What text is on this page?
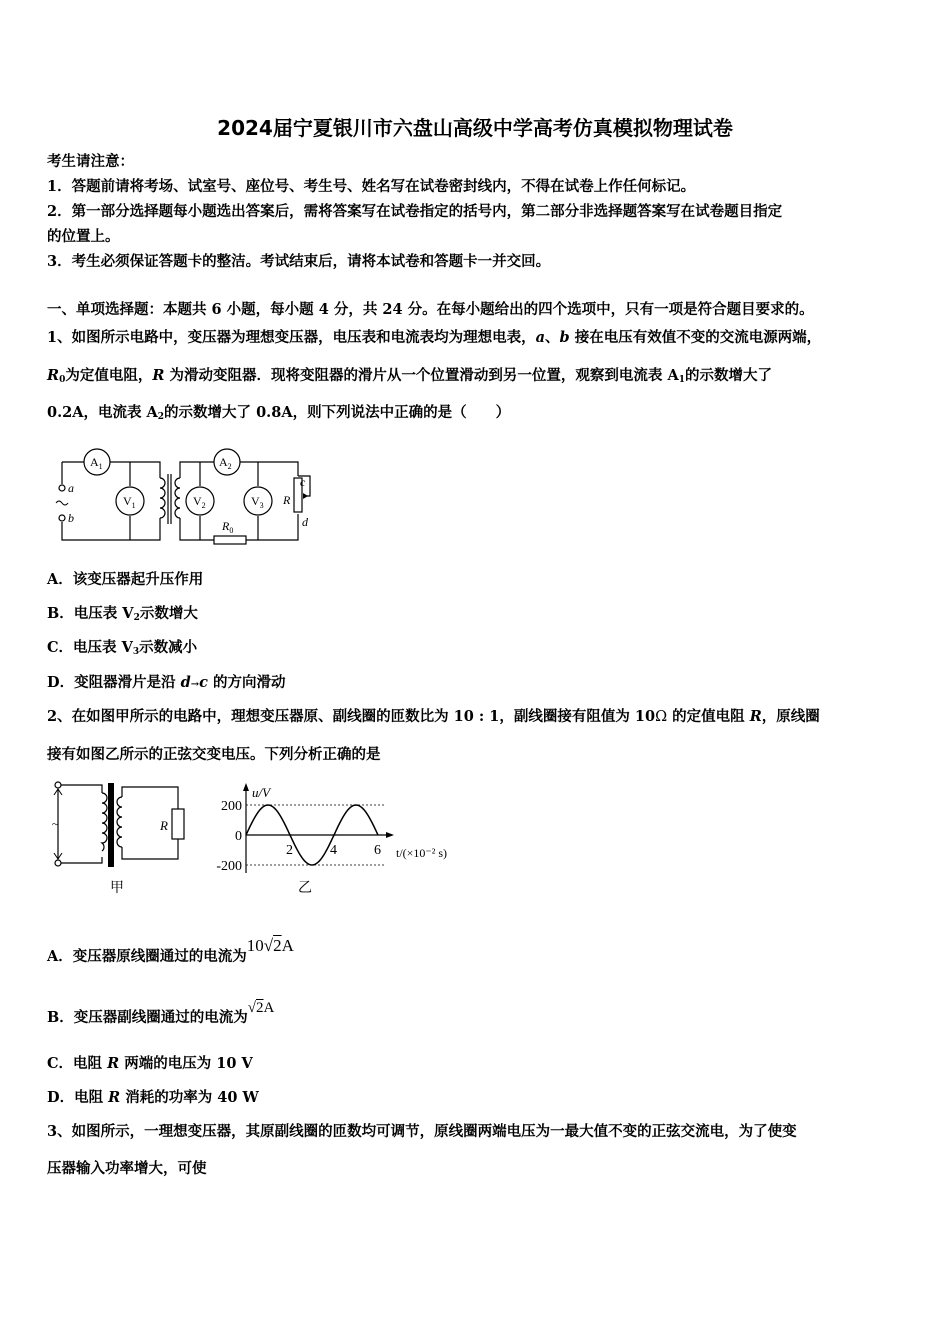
2024届宁夏银川市六盘山高级中学高考仿真模拟物理试卷
考生请注意：
1．答题前请将考场、试室号、座位号、考生号、姓名写在试卷密封线内，不得在试卷上作任何标记。
2．第一部分选择题每小题选出答案后，需将答案写在试卷指定的括号内，第二部分非选择题答案写在试卷题目指定
的位置上。
3．考生必须保证答题卡的整洁。考试结束后，请将本试卷和答题卡一并交回。
一、单项选择题：本题共 6 小题，每小题 4 分，共 24 分。在每小题给出的四个选项中，只有一项是符合题目要求的。
1、如图所示电路中，变压器为理想变压器，电压表和电流表均为理想电表，a、b 接在电压有效值不变的交流电源两端，
$R_0$为定值电阻，R 为滑动变阻器．现将变阻器的滑片从一个位置滑动到另一位置，观察到电流表 $A_1$的示数增大了
0.2A，电流表 $A_2$的示数增大了 0.8A，则下列说法中正确的是（　　）
$A_1$	$A_2$
$V_1$	$V_2$	$V_3$
a
b
c
d
R
$R_0$
~
A．该变压器起升压作用
B．电压表 $V_2$示数增大
C．电压表 $V_3$示数减小
D．变阻器滑片是沿 d→c 的方向滑动
2、在如图甲所示的电路中，理想变压器原、副线圈的匝数比为 10 : 1，副线圈接有阻值为 10Ω 的定值电阻 R，原线圈
接有如图乙所示的正弦交变电压。下列分析正确的是
~	R
甲
200
0
-200
2	4	6
u/V
t/(×10⁻² s)
乙
A．变压器原线圈通过的电流为10√2A
B．变压器副线圈通过的电流为√2A
C．电阻 R 两端的电压为 10 V
D．电阻 R 消耗的功率为 40 W
3、如图所示，一理想变压器，其原副线圈的匝数均可调节，原线圈两端电压为一最大值不变的正弦交流电，为了使变
压器输入功率增大，可使
